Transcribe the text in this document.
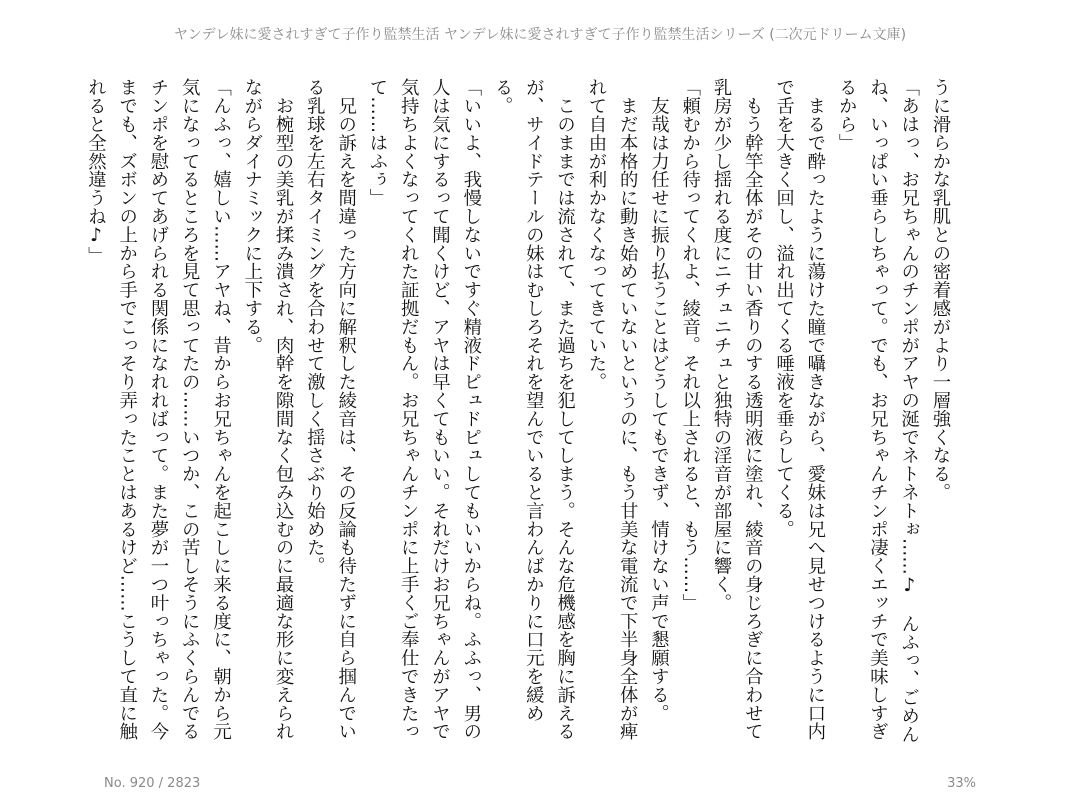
ヤンデレ妹に愛されすぎて子作り監禁生活 ヤンデレ妹に愛されすぎて子作り監禁生活シリーズ (二次元ドリーム文庫)
うに滑らかな乳肌との密着感がより一層強くなる。
「あはっ、お兄ちゃんのチンポがアヤの涎でネトネトぉ……♪　んふっ、ごめん
ね、いっぱい垂らしちゃって。でも、お兄ちゃんチンポ凄くエッチで美味しすぎ
るから」
　まるで酔ったように蕩けた瞳で囁きながら、愛妹は兄へ見せつけるように口内
で舌を大きく回し、溢れ出てくる唾液を垂らしてくる。
　もう幹竿全体がその甘い香りのする透明液に塗れ、綾音の身じろぎに合わせて
乳房が少し揺れる度にニチュニチュと独特の淫音が部屋に響く。
「頼むから待ってくれよ、綾音。それ以上されると、もう……」
　友哉は力任せに振り払うことはどうしてもできず、情けない声で懇願する。
　まだ本格的に動き始めていないというのに、もう甘美な電流で下半身全体が痺
れて自由が利かなくなってきていた。
　このままでは流されて、また過ちを犯してしまう。そんな危機感を胸に訴える
が、サイドテールの妹はむしろそれを望んでいると言わんばかりに口元を緩め
る。
「いいよ、我慢しないですぐ精液ドピュドピュしてもいいからね。ふふっ、男の
人は気にするって聞くけど、アヤは早くてもいい。それだけお兄ちゃんがアヤで
気持ちよくなってくれた証拠だもん。お兄ちゃんチンポに上手くご奉仕できたっ
て……はふぅ」
　兄の訴えを間違った方向に解釈した綾音は、その反論も待たずに自ら掴んでい
る乳球を左右タイミングを合わせて激しく揺さぶり始めた。
　お椀型の美乳が揉み潰され、肉幹を隙間なく包み込むのに最適な形に変えられ
ながらダイナミックに上下する。
「んふっ、嬉しい……アヤね、昔からお兄ちゃんを起こしに来る度に、朝から元
気になってるところを見て思ってたの……いつか、この苦しそうにふくらんでる
チンポを慰めてあげられる関係になれればって。また夢が一つ叶っちゃった。今
までも、ズボンの上から手でこっそり弄ったことはあるけど……こうして直に触
れると全然違うね♪」
No. 920 / 2823	33%
